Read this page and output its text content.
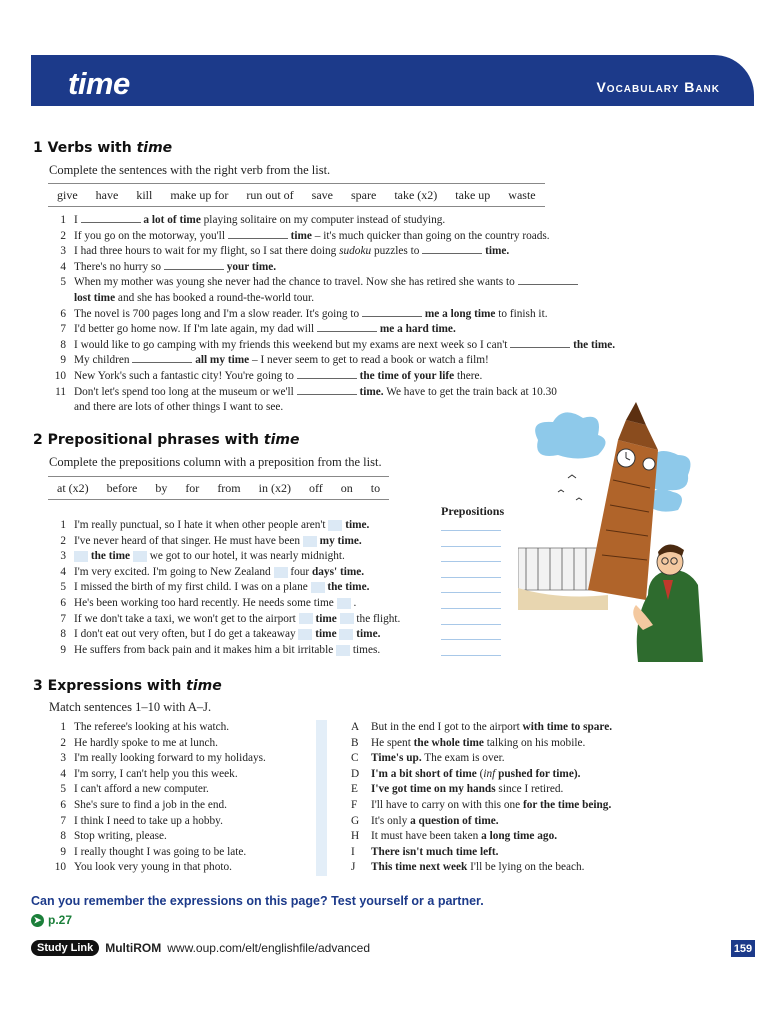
time	Vocabulary Bank
1 Verbs with time
Complete the sentences with the right verb from the list.
give	have	kill	make up for	run out of	save	spare	take (x2)	take up	waste
1 I	a lot of time playing solitaire on my computer instead of studying.
2 If you go on the motorway, you'll	time – it's much quicker than going on the country roads.
3 I had three hours to wait for my flight, so I sat there doing sudoku puzzles to	time.
4 There's no hurry so	your time.
5 When my mother was young she never had the chance to travel. Now she has retired she wants to
lost time and she has booked a round-the-world tour.
6 The novel is 700 pages long and I'm a slow reader. It's going to	me a long time to finish it.
7 I'd better go home now. If I'm late again, my dad will	me a hard time.
8 I would like to go camping with my friends this weekend but my exams are next week so I can't	the time.
9 My children	all my time – I never seem to get to read a book or watch a film!
10 New York's such a fantastic city! You're going to	the time of your life there.
11 Don't let's spend too long at the museum or we'll	time. We have to get the train back at 10.30
and there are lots of other things I want to see.
2 Prepositional phrases with time
Complete the prepositions column with a preposition from the list.
at (x2)	before	by	for	from	in (x2)	off	on	to
Prepositions
1 I'm really punctual, so I hate it when other people aren't  time.
2 I've never heard of that singer. He must have been  my time.
3	the time  we got to our hotel, it was nearly midnight.
4 I'm very excited. I'm going to New Zealand  four days' time.
5 I missed the birth of my first child. I was on a plane  the time.
6 He's been working too hard recently. He needs some time  .
7 If we don't take a taxi, we won't get to the airport  time  the flight.
8 I don't eat out very often, but I do get a takeaway  time time.
9 He suffers from back pain and it makes him a bit irritable  times.
3 Expressions with time
Match sentences 1–10 with A–J.
1 The referee's looking at his watch.
2 He hardly spoke to me at lunch.
3 I'm really looking forward to my holidays.
4 I'm sorry, I can't help you this week.
5 I can't afford a new computer.
6 She's sure to find a job in the end.
7 I think I need to take up a hobby.
8 Stop writing, please.
9 I really thought I was going to be late.
10 You look very young in that photo.
A	But in the end I got to the airport with time to spare.
B	He spent the whole time talking on his mobile.
C	Time's up. The exam is over.
D	I'm a bit short of time (inf pushed for time).
E	I've got time on my hands since I retired.
F	I'll have to carry on with this one for the time being.
G	It's only a question of time.
H	It must have been taken a long time ago.
I	There isn't much time left.
J	This time next week I'll be lying on the beach.
Can you remember the expressions on this page? Test yourself or a partner.
➤ p.27
Study Link	MultiROM www.oup.com/elt/englishfile/advanced	159
